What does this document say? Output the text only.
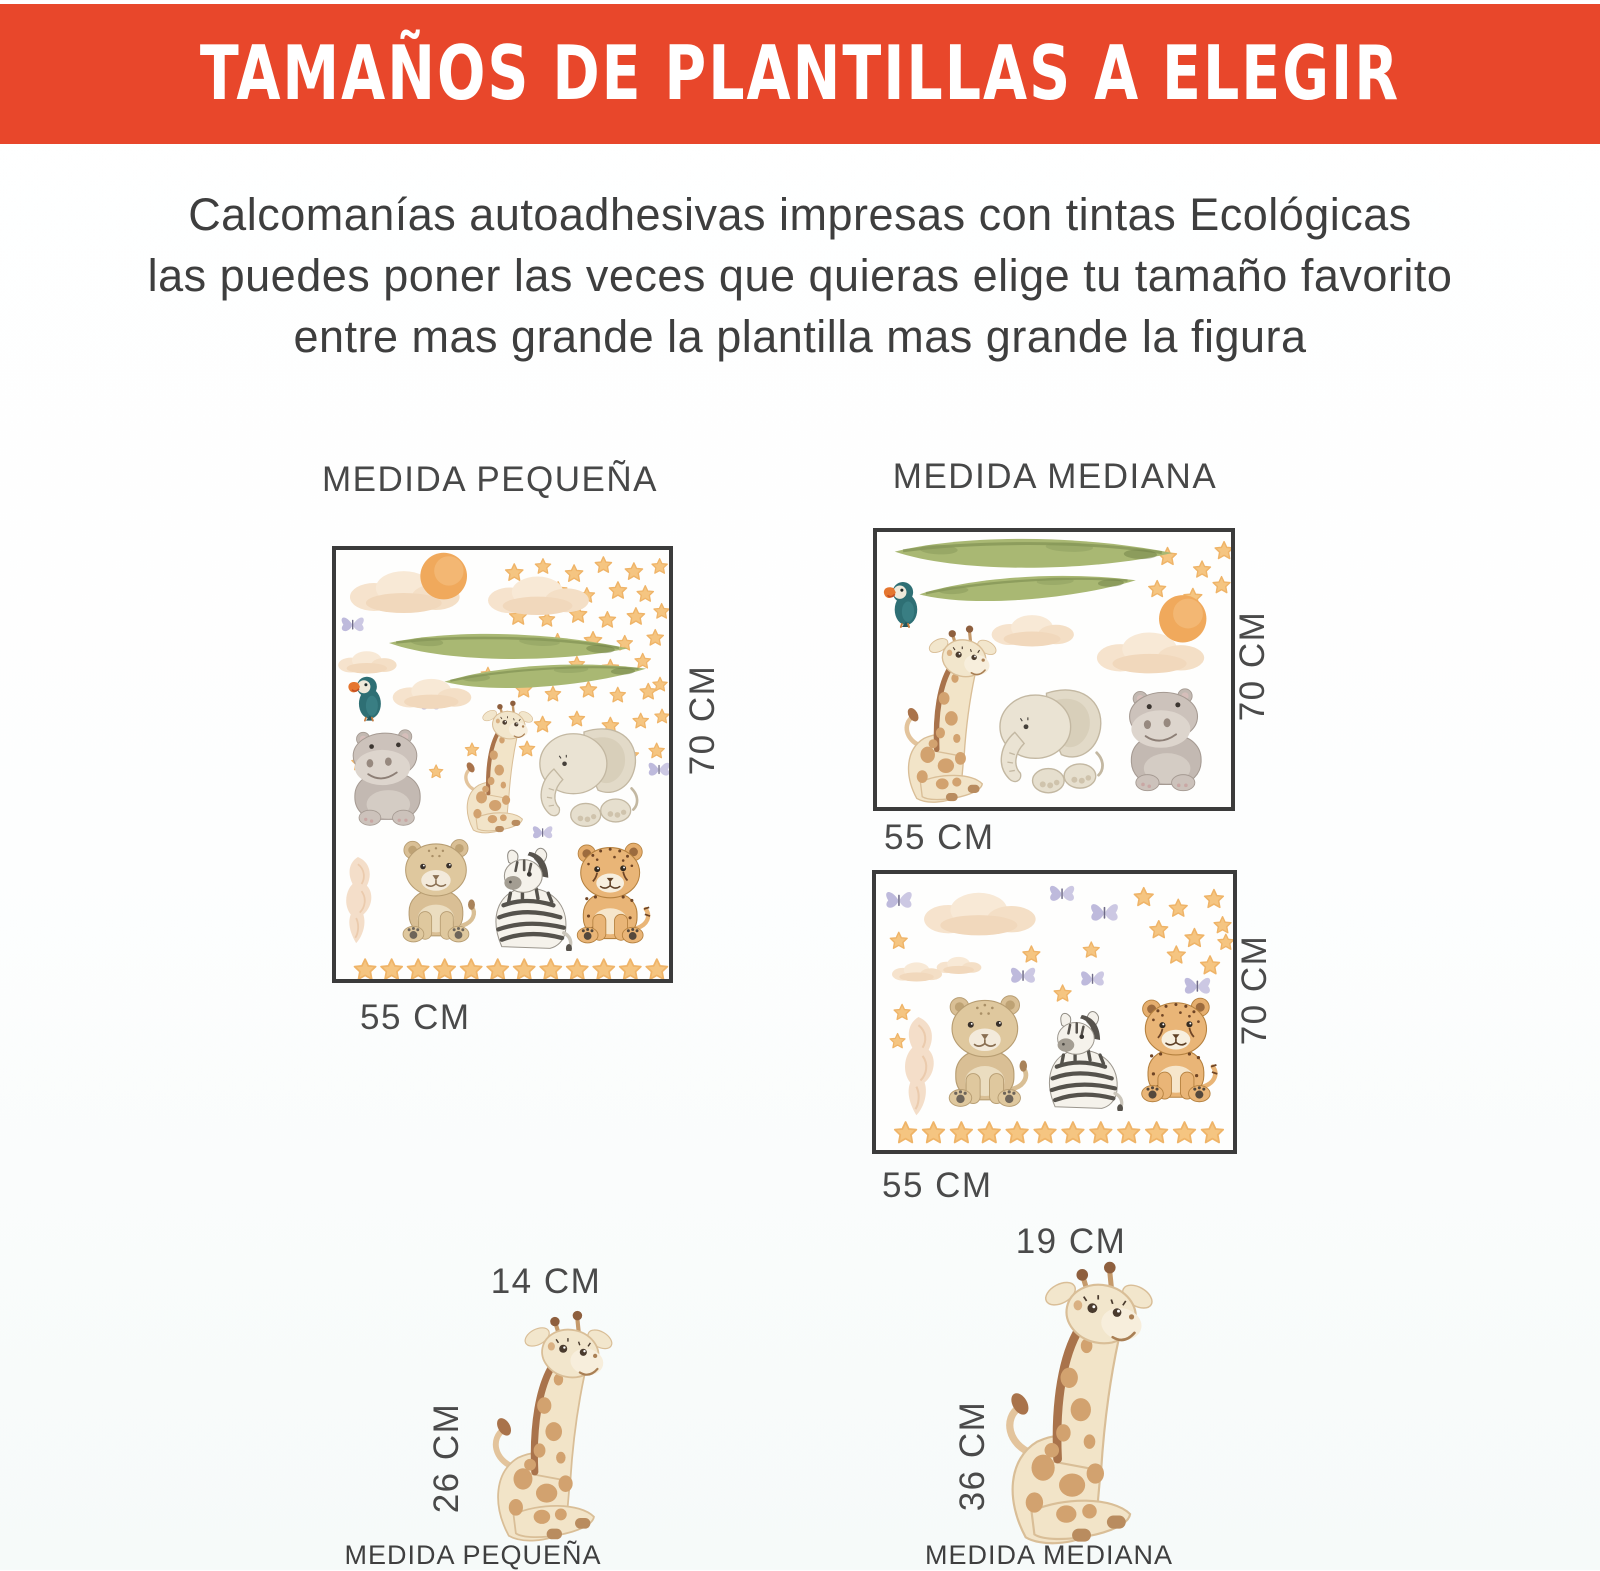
TAMAÑOS DE PLANTILLAS A ELEGIR
Calcomanías autoadhesivas impresas con tintas Ecológicas
las puedes poner las veces que quieras elige tu tamaño favorito
entre mas grande la plantilla mas grande la figura
MEDIDA PEQUEÑA	MEDIDA MEDIANA
70 CM
55 CM
70 CM
55 CM
70 CM
55 CM
14 CM
26 CM
MEDIDA PEQUEÑA
19 CM
36 CM
MEDIDA MEDIANA
